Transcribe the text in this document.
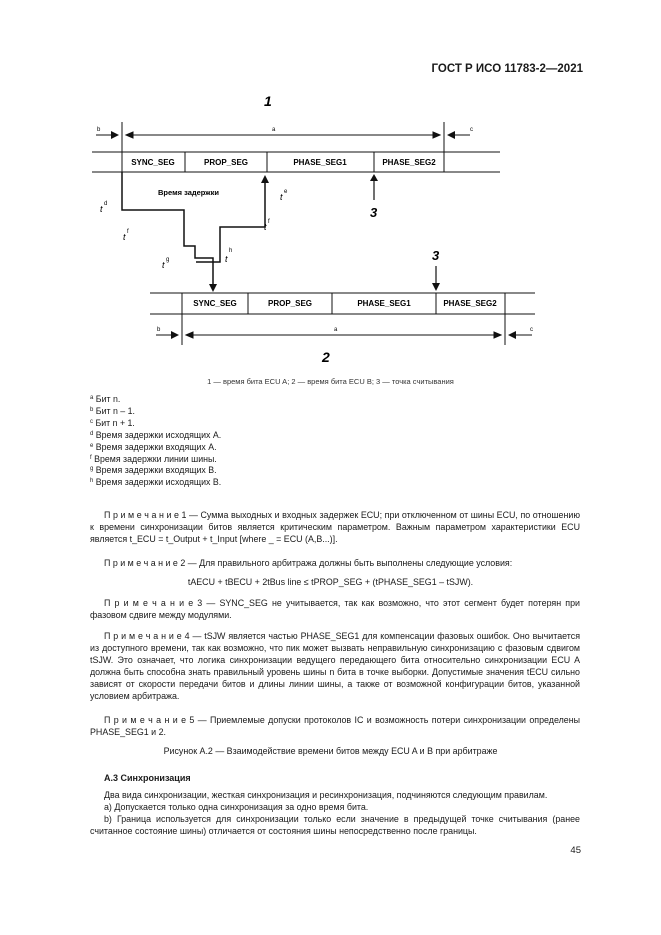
ГОСТ Р ИСО 11783-2—2021
1
b	a	c
SYNC_SEG	PROP_SEG	PHASE_SEG1	PHASE_SEG2
Время задержки
3
t
t
t
t
t
t
d
e
f
f
g
h	3
SYNC_SEG	PROP_SEG	PHASE_SEG1	PHASE_SEG2
b	a	c
2
1 — время бита ECU A; 2 — время бита ECU B; 3 — точка считывания
$^a$ Бит n.
$^b$ Бит n – 1.
$^c$ Бит n + 1.
$^d$ Время задержки исходящих A.
$^e$ Время задержки входящих A.
$^f$ Время задержки линии шины.
$^g$ Время задержки входящих B.
$^h$ Время задержки исходящих B.
П р и м е ч а н и е 1 — Сумма выходных и входных задержек ECU; при отключенном от шины ECU, по отношению к времени синхронизации битов является критическим параметром. Важным параметром характеристики ECU является t_ECU = t_Output + t_Input [where _ = ECU (A,B...)].
П р и м е ч а н и е 2 — Для правильного арбитража должны быть выполнены следующие условия:
tAECU + tBECU + 2tBus line ≤ tPROP_SEG + (tPHASE_SEG1 – tSJW).
П р и м е ч а н и е 3 — SYNC_SEG не учитывается, так как возможно, что этот сегмент будет потерян при фазовом сдвиге между модулями.
П р и м е ч а н и е 4 — tSJW является частью PHASE_SEG1 для компенсации фазовых ошибок. Оно вычитается из доступного времени, так как возможно, что пик может вызвать неправильную синхронизацию с фазовым сдвигом tSJW. Это означает, что логика синхронизации ведущего передающего бита относительно синхронизации ECU A должна быть способна знать правильный уровень шины n бита в точке выборки. Допустимые значения tECU сильно зависят от скорости передачи битов и длины линии шины, а также от возможной конфигурации битов, указанной условием арбитража.
П р и м е ч а н и е 5 — Приемлемые допуски протоколов IC и возможность потери синхронизации определены PHASE_SEG1 и 2.
Рисунок А.2 — Взаимодействие времени битов между ECU A и B при арбитраже
А.3 Синхронизация
Два вида синхронизации, жесткая синхронизация и ресинхронизация, подчиняются следующим правилам.
a) Допускается только одна синхронизация за одно время бита.
b) Граница используется для синхронизации только если значение в предыдущей точке считывания (ранее считанное состояние шины) отличается от состояния шины непосредственно после границы.
45
